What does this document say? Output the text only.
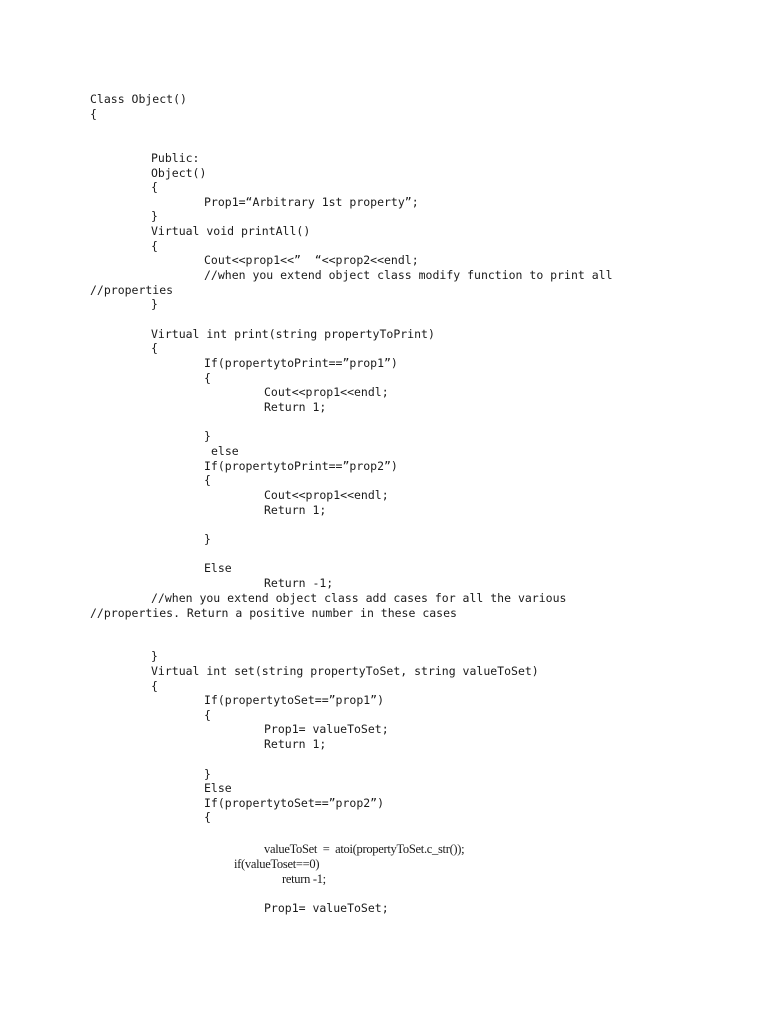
Class Object()
{
Public:
Object()
{
Prop1=“Arbitrary 1st property”;
}
Virtual void printAll()
{
Cout<<prop1<<”  “<<prop2<<endl;
//when you extend object class modify function to print all
//properties
}
Virtual int print(string propertyToPrint)
{
If(propertytoPrint==”prop1”)
{
Cout<<prop1<<endl;
Return 1;
}
else
If(propertytoPrint==”prop2”)
{
Cout<<prop1<<endl;
Return 1;
}
Else
Return -1;
//when you extend object class add cases for all the various
//properties. Return a positive number in these cases
}
Virtual int set(string propertyToSet, string valueToSet)
{
If(propertytoSet==”prop1”)
{
Prop1= valueToSet;
Return 1;
}
Else
If(propertytoSet==”prop2”)
{
valueToSet  =  atoi(propertyToSet.c_str());
if(valueToset==0)
return -1;
Prop1= valueToSet;
